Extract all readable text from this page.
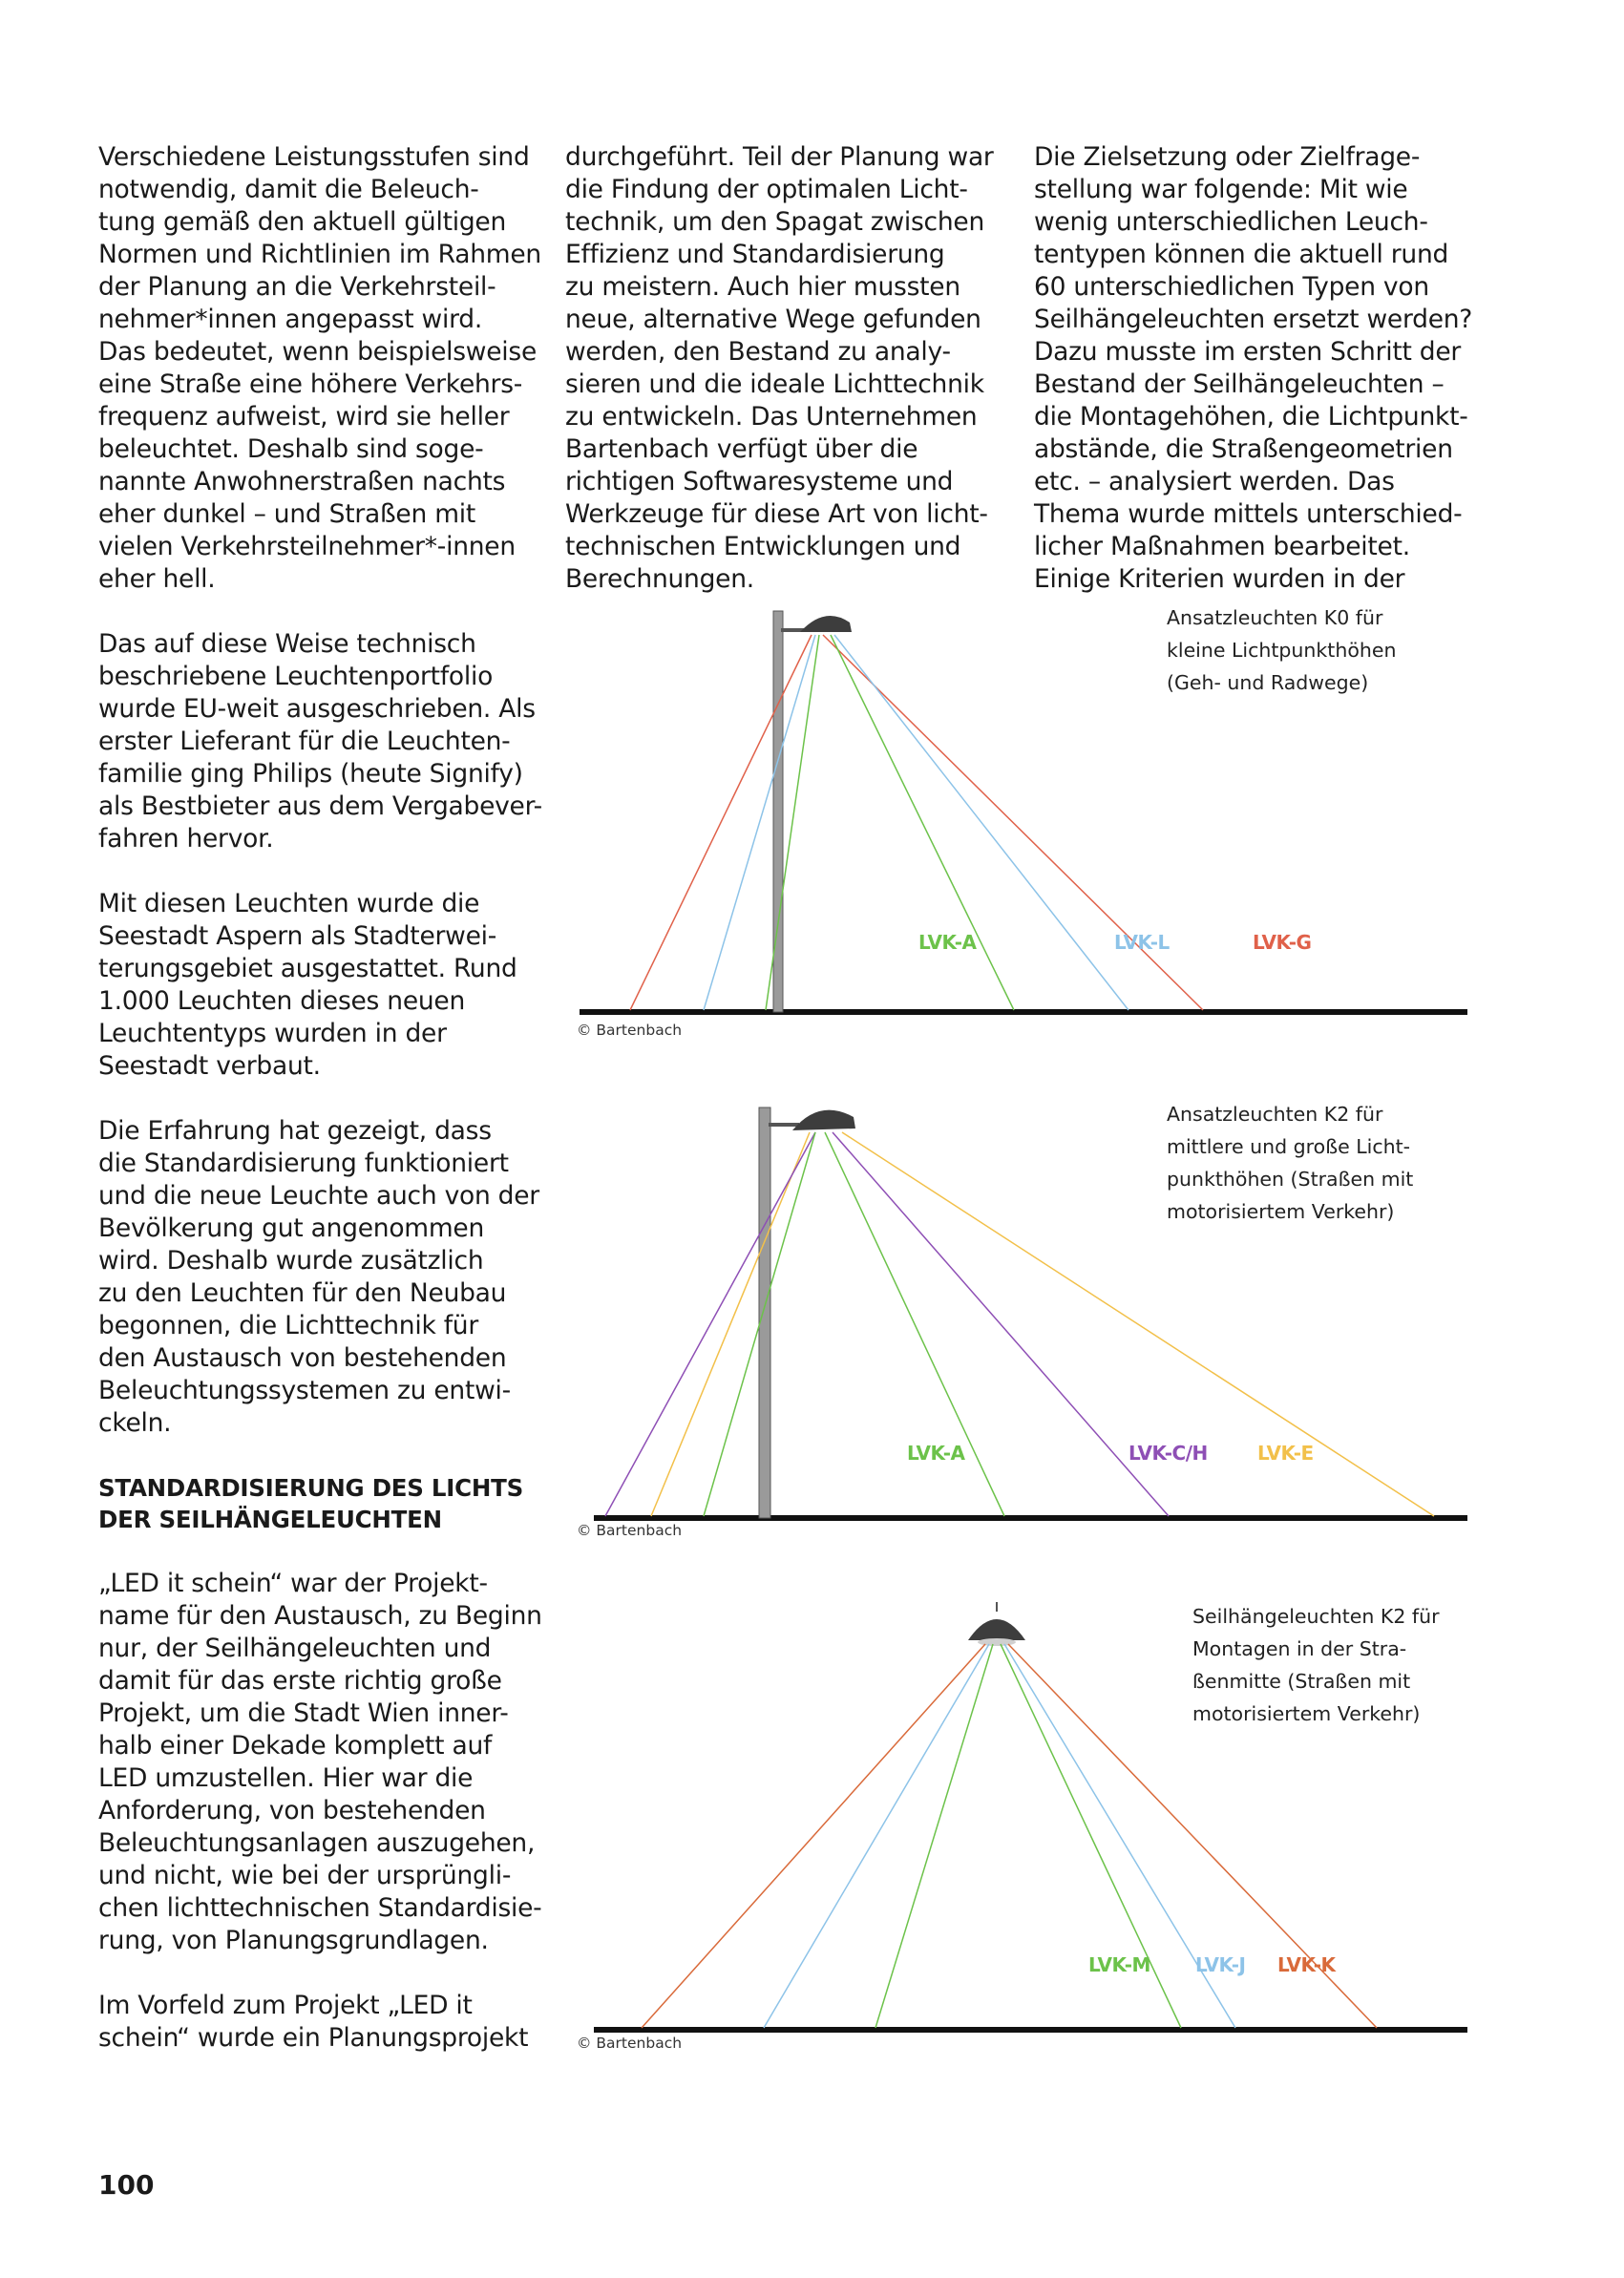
Verschiedene Leistungsstufen sind
notwendig, damit die Beleuch-
tung gemäß den aktuell gültigen
Normen und Richtlinien im Rahmen
der Planung an die Verkehrsteil-
nehmer*innen angepasst wird.
Das bedeutet, wenn beispielsweise
eine Straße eine höhere Verkehrs-
frequenz aufweist, wird sie heller
beleuchtet. Deshalb sind soge-
nannte Anwohnerstraßen nachts
eher dunkel – und Straßen mit
vielen Verkehrsteilnehmer*-innen
eher hell.

Das auf diese Weise technisch
beschriebene Leuchtenportfolio
wurde EU-weit ausgeschrieben. Als
erster Lieferant für die Leuchten-
familie ging Philips (heute Signify)
als Bestbieter aus dem Vergabever-
fahren hervor.

Mit diesen Leuchten wurde die
Seestadt Aspern als Stadterwei-
terungsgebiet ausgestattet. Rund
1.000 Leuchten dieses neuen
Leuchtentyps wurden in der
Seestadt verbaut.

Die Erfahrung hat gezeigt, dass
die Standardisierung funktioniert
und die neue Leuchte auch von der
Bevölkerung gut angenommen
wird. Deshalb wurde zusätzlich
zu den Leuchten für den Neubau
begonnen, die Lichttechnik für
den Austausch von bestehenden
Beleuchtungssystemen zu entwi-
ckeln.

STANDARDISIERUNG DES LICHTS
DER SEILHÄNGELEUCHTEN

„LED it schein“ war der Projekt-
name für den Austausch, zu Beginn
nur, der Seilhängeleuchten und
damit für das erste richtig große
Projekt, um die Stadt Wien inner-
halb einer Dekade komplett auf
LED umzustellen. Hier war die
Anforderung, von bestehenden
Beleuchtungsanlagen auszugehen,
und nicht, wie bei der ursprüngli-
chen lichttechnischen Standardisie-
rung, von Planungsgrundlagen.

Im Vorfeld zum Projekt „LED it
schein“ wurde ein Planungsprojekt

durchgeführt. Teil der Planung war
die Findung der optimalen Licht-
technik, um den Spagat zwischen
Effizienz und Standardisierung
zu meistern. Auch hier mussten
neue, alternative Wege gefunden
werden, den Bestand zu analy-
sieren und die ideale Lichttechnik
zu entwickeln. Das Unternehmen
Bartenbach verfügt über die
richtigen Softwaresysteme und
Werkzeuge für diese Art von licht-
technischen Entwicklungen und
Berechnungen.

Die Zielsetzung oder Zielfrage-
stellung war folgende: Mit wie
wenig unterschiedlichen Leuch-
tentypen können die aktuell rund
60 unterschiedlichen Typen von
Seilhängeleuchten ersetzt werden?
Dazu musste im ersten Schritt der
Bestand der Seilhängeleuchten –
die Montagehöhen, die Lichtpunkt-
abstände, die Straßengeometrien
etc. – analysiert werden. Das
Thema wurde mittels unterschied-
licher Maßnahmen bearbeitet.
Einige Kriterien wurden in der

Ansatzleuchten K0 für
kleine Lichtpunkthöhen
(Geh- und Radwege)
LVK-A	LVK-L	LVK-G
© Bartenbach
Ansatzleuchten K2 für
mittlere und große Licht-
punkthöhen (Straßen mit
motorisiertem Verkehr)
LVK-A	LVK-C/H	LVK-E
© Bartenbach
Seilhängeleuchten K2 für
Montagen in der Stra-
ßenmitte (Straßen mit
motorisiertem Verkehr)
LVK-M LVK-J LVK-K
© Bartenbach
100
